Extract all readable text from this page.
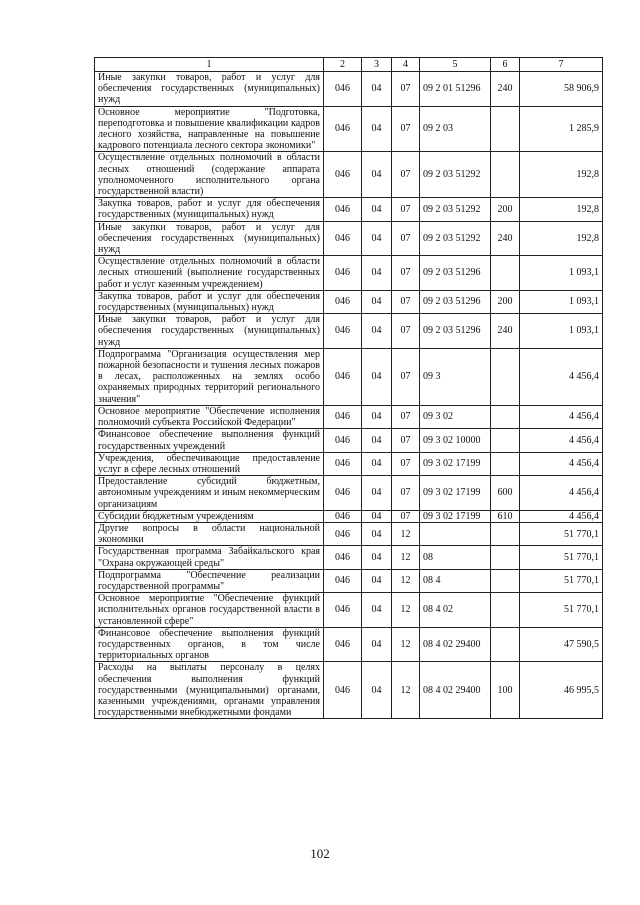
1	2	3	4	5	6	7
Иные закупки товаров, работ и услуг для обеспечения государственных (муниципальных) нужд	046	04	07	09 2 01 51296	240	58 906,9
Основное мероприятие "Подготовка, переподготовка и повышение квалификации кадров лесного хозяйства, направленные на повышение кадрового потенциала лесного сектора экономики"	046	04	07	09 2 03		1 285,9
Осуществление отдельных полномочий в области лесных отношений (содержание аппарата уполномоченного исполнительного органа государственной власти)	046	04	07	09 2 03 51292		192,8
Закупка товаров, работ и услуг для обеспечения государственных (муниципальных) нужд	046	04	07	09 2 03 51292	200	192,8
Иные закупки товаров, работ и услуг для обеспечения государственных (муниципальных) нужд	046	04	07	09 2 03 51292	240	192,8
Осуществление отдельных полномочий в области лесных отношений (выполнение государственных работ и услуг казенным учреждением)	046	04	07	09 2 03 51296		1 093,1
Закупка товаров, работ и услуг для обеспечения государственных (муниципальных) нужд	046	04	07	09 2 03 51296	200	1 093,1
Иные закупки товаров, работ и услуг для обеспечения государственных (муниципальных) нужд	046	04	07	09 2 03 51296	240	1 093,1
Подпрограмма "Организация осуществления мер пожарной безопасности и тушения лесных пожаров в лесах, расположенных на землях особо охраняемых природных территорий регионального значения"	046	04	07	09 3		4 456,4
Основное мероприятие "Обеспечение исполнения полномочий субъекта Российской Федерации"	046	04	07	09 3 02		4 456,4
Финансовое обеспечение выполнения функций государственных учреждений	046	04	07	09 3 02 10000		4 456,4
Учреждения, обеспечивающие предоставление услуг в сфере лесных отношений	046	04	07	09 3 02 17199		4 456,4
Предоставление субсидий бюджетным, автономным учреждениям и иным некоммерческим организациям	046	04	07	09 3 02 17199	600	4 456,4
Субсидии бюджетным учреждениям	046	04	07	09 3 02 17199	610	4 456,4
Другие вопросы в области национальной экономики	046	04	12			51 770,1
Государственная программа Забайкальского края "Охрана окружающей среды"	046	04	12	08		51 770,1
Подпрограмма "Обеспечение реализации государственной программы"	046	04	12	08 4		51 770,1
Основное мероприятие "Обеспечение функций исполнительных органов государственной власти в установленной сфере"	046	04	12	08 4 02		51 770,1
Финансовое обеспечение выполнения функций государственных органов, в том числе территориальных органов	046	04	12	08 4 02 29400		47 590,5
Расходы на выплаты персоналу в целях обеспечения выполнения функций государственными (муниципальными) органами, казенными учреждениями, органами управления государственными внебюджетными фондами	046	04	12	08 4 02 29400	100	46 995,5
102
